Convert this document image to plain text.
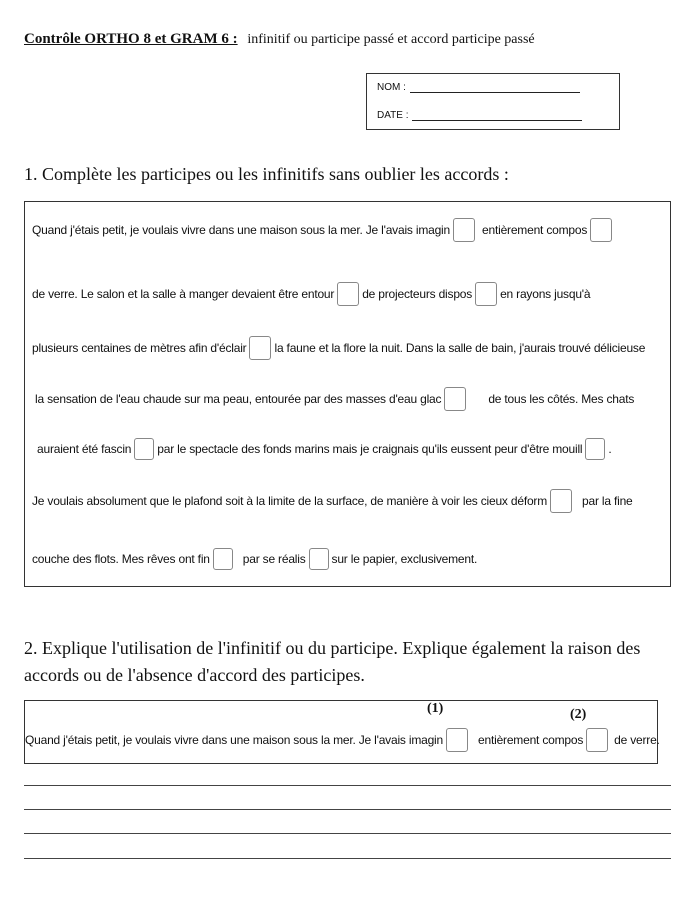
Contrôle ORTHO 8 et GRAM 6 : infinitif ou participe passé et accord participe passé
NOM :
DATE :
1. Complète les participes ou les infinitifs sans oublier les accords :
Quand j'étais petit, je voulais vivre dans une maison sous la mer. Je l'avais imagin	entièrement compos
de verre. Le salon et la salle à manger devaient être entour de projecteurs dispos en rayons jusqu'à
plusieurs centaines de mètres afin d'éclair la faune et la flore la nuit. Dans la salle de bain, j'aurais trouvé délicieuse
la sensation de l'eau chaude sur ma peau, entourée par des masses d'eau glac	de tous les côtés. Mes chats
auraient été fascin par le spectacle des fonds marins mais je craignais qu'ils eussent peur d'être mouill .
Je voulais absolument que le plafond soit à la limite de la surface, de manière à voir les cieux déform	par la fine
couche des flots. Mes rêves ont fin	par se réalis sur le papier, exclusivement.
2. Explique l'utilisation de l'infinitif ou du participe. Explique également la raison des accords ou de l'absence d'accord des participes.
(1)	(2)
Quand j'étais petit, je voulais vivre dans une maison sous la mer. Je l'avais imagin	entièrement compos	de verre.
